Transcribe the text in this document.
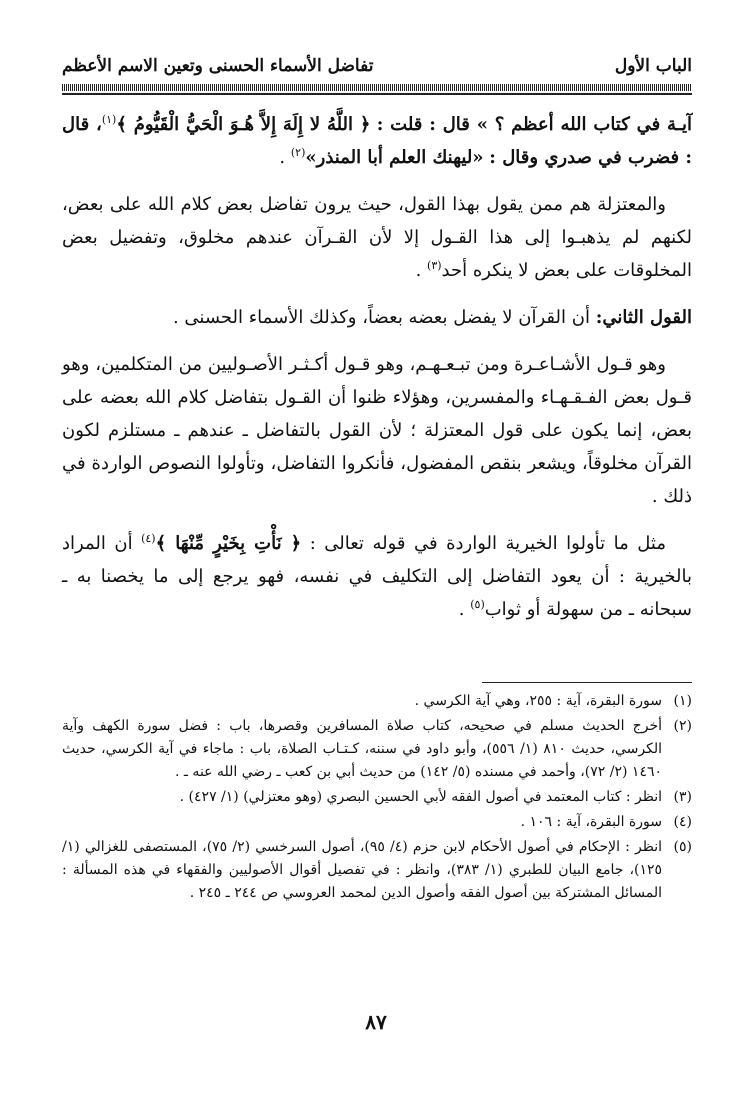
الباب الأول
تفاضل الأسماء الحسنى وتعين الاسم الأعظم

آيـة في كتاب الله أعظم ؟ » قال : قلت : ﴿ اللَّهُ لا إِلَهَ إِلاَّ هُـوَ الْحَيُّ الْقَيُّومُ ﴾$^{(١)}$، قال : فضرب في صدري وقال : «ليهنك العلم أبا المنذر»$^{(٢)}$ .

والمعتزلة هم ممن يقول بهذا القول، حيث يرون تفاضل بعض كلام الله على بعض، لكنهم لم يذهبـوا إلى هذا القـول إلا لأن القـرآن عندهم مخلوق، وتفضيل بعض المخلوقات على بعض لا ينكره أحد$^{(٣)}$ .

القول الثاني: أن القرآن لا يفضل بعضه بعضاً، وكذلك الأسماء الحسنى .

وهو قـول الأشـاعـرة ومن تبـعـهـم، وهو قـول أكـثـر الأصـوليين من المتكلمين، وهو قـول بعض الفـقـهـاء والمفسرين، وهؤلاء ظنوا أن القـول بتفاضل كلام الله بعضه على بعض، إنما يكون على قول المعتزلة ؛ لأن القول بالتفاضل ـ عندهم ـ مستلزم لكون القرآن مخلوقاً، ويشعر بنقص المفضول، فأنكروا التفاضل، وتأولوا النصوص الواردة في ذلك .

مثل ما تأولوا الخيرية الواردة في قوله تعالى : ﴿ نَأْتِ بِخَيْرٍ مِّنْهَا ﴾$^{(٤)}$ أن المراد بالخيرية : أن يعود التفاضل إلى التكليف في نفسه، فهو يرجع إلى ما يخصنا به ـ سبحانه ـ من سهولة أو ثواب$^{(٥)}$ .

(١)
سورة البقرة، آية : ٢٥٥، وهي آية الكرسي .
(٢)
أخرج الحديث مسلم في صحيحه، كتاب صلاة المسافرين وقصرها، باب : فضل سورة الكهف وآية الكرسي، حديث ٨١٠ (١/ ٥٥٦)، وأبو داود في سننه، كـتـاب الصلاة، باب : ماجاء في آية الكرسي، حديث ١٤٦٠ (٢/ ٧٢)، وأحمد في مسنده (٥/ ١٤٢) من حديث أبي بن كعب ـ رضي الله عنه ـ .
(٣)
انظر : كتاب المعتمد في أصول الفقه لأبي الحسين البصري (وهو معتزلي) (١/ ٤٢٧) .
(٤)
سورة البقرة، آية : ١٠٦ .
(٥)
انظر : الإحكام في أصول الأحكام لابن حزم (٤/ ٩٥)، أصول السرخسي (٢/ ٧٥)، المستصفى للغزالي (١/ ١٢٥)، جامع البيان للطبري (١/ ٣٨٣)، وانظر : في تفصيل أقوال الأصوليين والفقهاء في هذه المسألة : المسائل المشتركة بين أصول الفقه وأصول الدين لمحمد العروسي ص ٢٤٤ ـ ٢٤٥ .
٨٧
